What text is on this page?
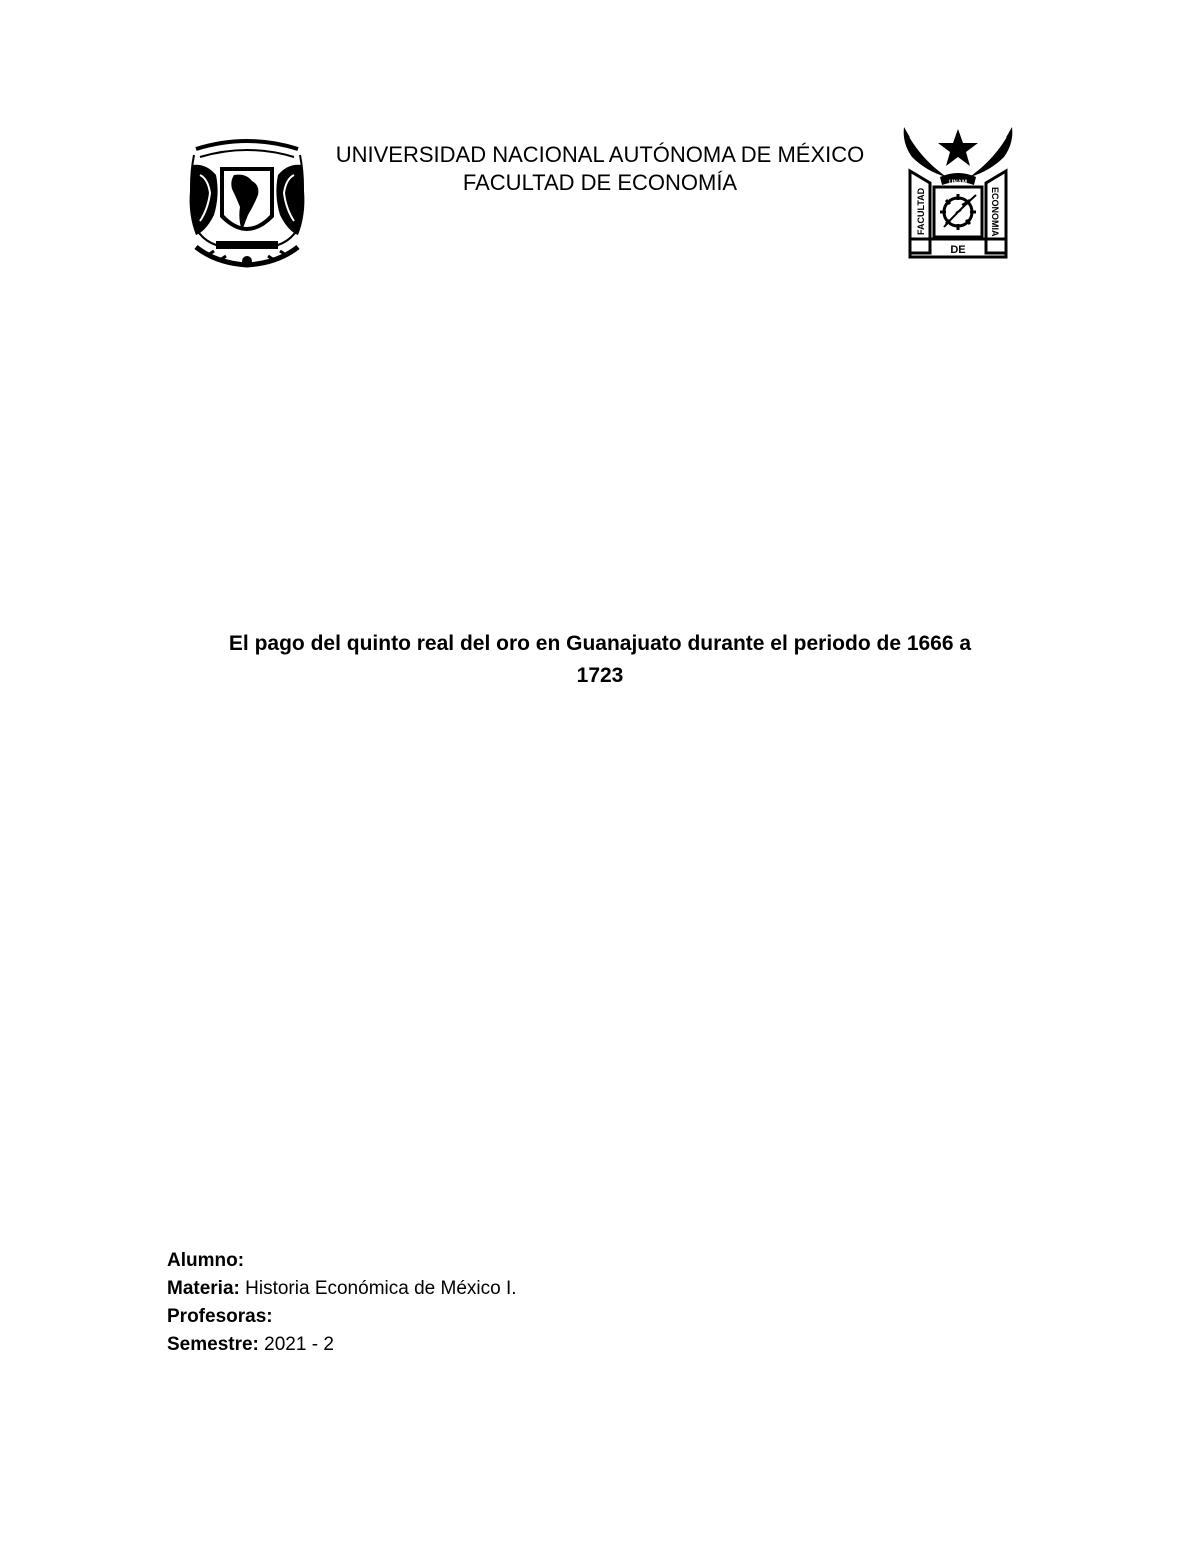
UNAM
DE
FACULTAD	ECONOMIA
UNIVERSIDAD NACIONAL AUTÓNOMA DE MÉXICO
FACULTAD DE ECONOMÍA
El pago del quinto real del oro en Guanajuato durante el periodo de 1666 a
1723
Alumno:
Materia: Historia Económica de México I.
Profesoras:
Semestre: 2021 - 2
